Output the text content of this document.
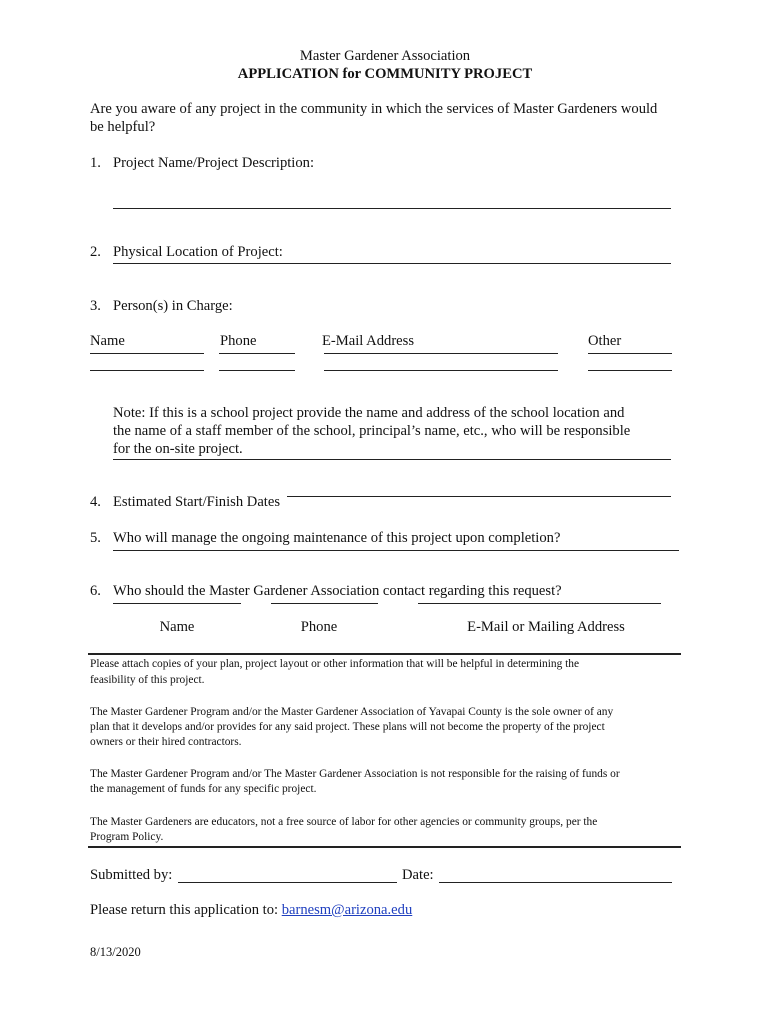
Master Gardener Association
APPLICATION for COMMUNITY PROJECT
Are you aware of any project in the community in which the services of Master Gardeners would
be helpful?
1. Project Name/Project Description:
2. Physical Location of Project:
3. Person(s) in Charge:
Name	Phone	E-Mail Address	Other
Note: If this is a school project provide the name and address of the school location and
the name of a staff member of the school, principal’s name, etc., who will be responsible
for the on-site project.
4. Estimated Start/Finish Dates
5. Who will manage the ongoing maintenance of this project upon completion?
6. Who should the Master Gardener Association contact regarding this request?
Name	Phone	E-Mail or Mailing Address
Please attach copies of your plan, project layout or other information that will be helpful in determining the
feasibility of this project.
The Master Gardener Program and/or the Master Gardener Association of Yavapai County is the sole owner of any
plan that it develops and/or provides for any said project. These plans will not become the property of the project
owners or their hired contractors.
The Master Gardener Program and/or The Master Gardener Association is not responsible for the raising of funds or
the management of funds for any specific project.
The Master Gardeners are educators, not a free source of labor for other agencies or community groups, per the
Program Policy.
Submitted by:	Date:
Please return this application to: barnesm@arizona.edu
8/13/2020
